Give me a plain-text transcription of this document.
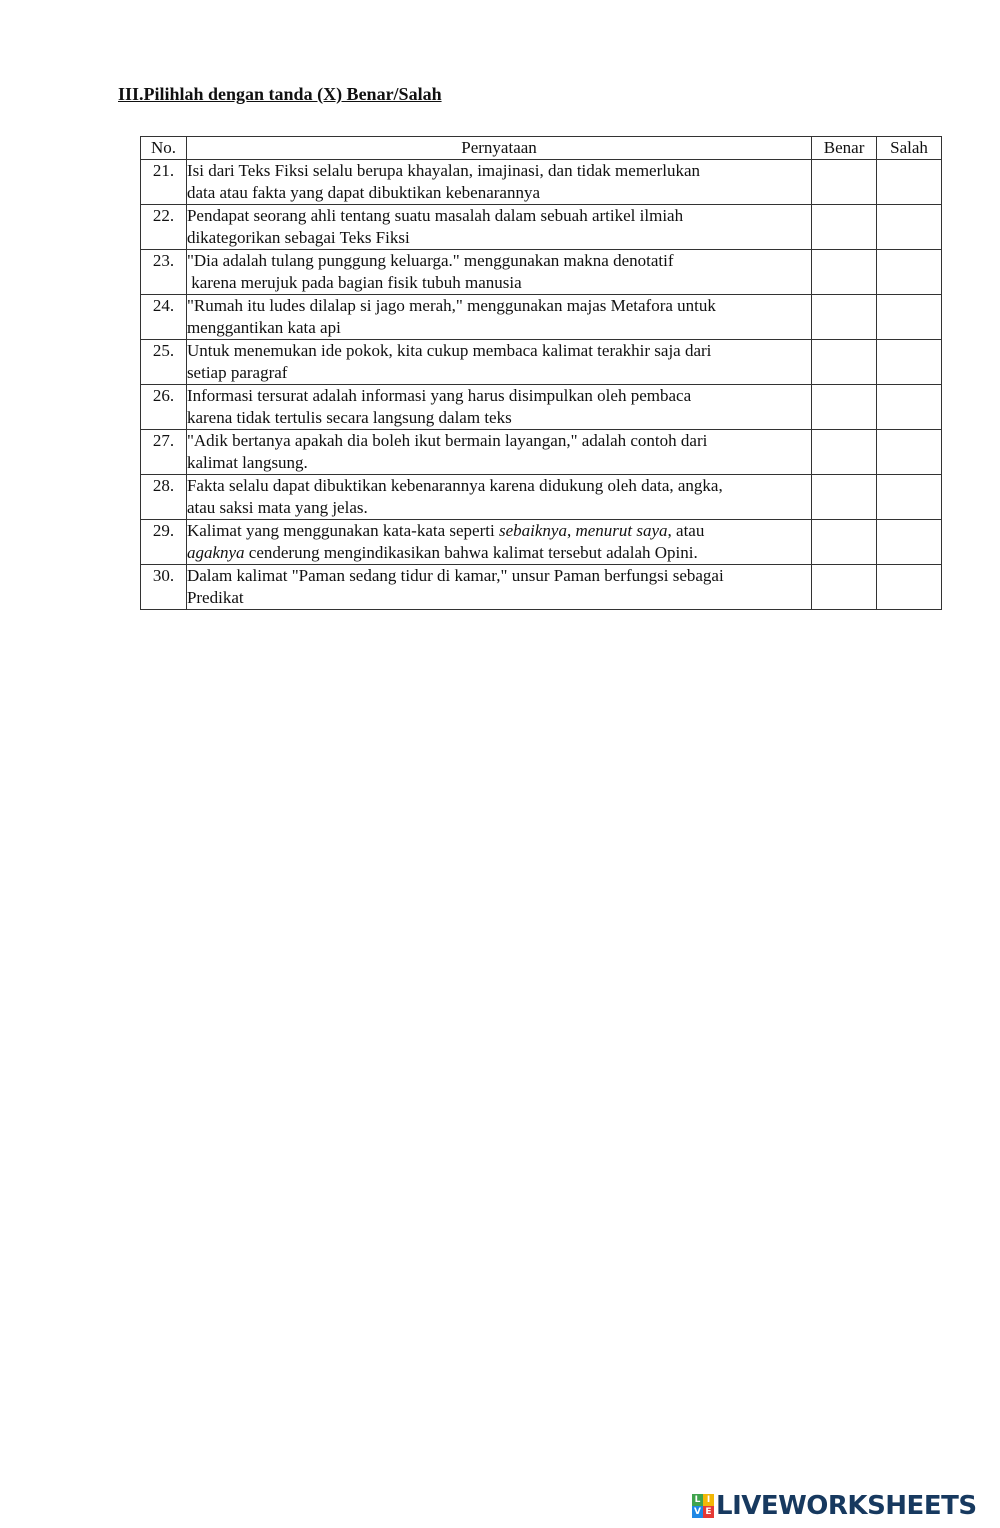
III.Pilihlah dengan tanda (X) Benar/Salah
No.	Pernyataan	Benar	Salah
21.	Isi dari Teks Fiksi selalu berupa khayalan, imajinasi, dan tidak memerlukan
data atau fakta yang dapat dibuktikan kebenarannya		

22.	Pendapat seorang ahli tentang suatu masalah dalam sebuah artikel ilmiah
dikategorikan sebagai Teks Fiksi		

23.	"Dia adalah tulang punggung keluarga." menggunakan makna denotatif
karena merujuk pada bagian fisik tubuh manusia		

24.	"Rumah itu ludes dilalap si jago merah," menggunakan majas Metafora untuk
menggantikan kata api		

25.	Untuk menemukan ide pokok, kita cukup membaca kalimat terakhir saja dari
setiap paragraf		

26.	Informasi tersurat adalah informasi yang harus disimpulkan oleh pembaca
karena tidak tertulis secara langsung dalam teks		

27.	"Adik bertanya apakah dia boleh ikut bermain layangan," adalah contoh dari
kalimat langsung.		

28.	Fakta selalu dapat dibuktikan kebenarannya karena didukung oleh data, angka,
atau saksi mata yang jelas.		

29.	Kalimat yang menggunakan kata-kata seperti sebaiknya, menurut saya, atau
agaknya cenderung mengindikasikan bahwa kalimat tersebut adalah Opini.		

30.	Dalam kalimat "Paman sedang tidur di kamar," unsur Paman berfungsi sebagai
Predikat		

L I
V E LIVEWORKSHEETS
